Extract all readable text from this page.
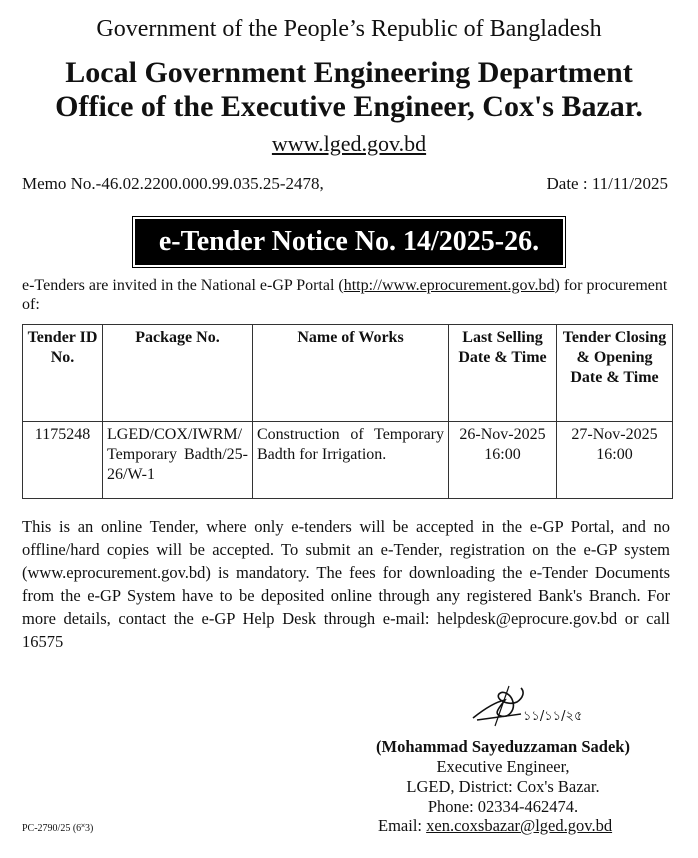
Government of the People’s Republic of Bangladesh
Local Government Engineering Department
Office of the Executive Engineer, Cox's Bazar.
www.lged.gov.bd
Memo No.-46.02.2200.000.99.035.25-2478,	Date : 11/11/2025
e-Tender Notice No. 14/2025-26.
e-Tenders are invited in the National e-GP Portal (http://www.eprocurement.gov.bd) for procurement of:
Tender ID No.	Package No.	Name of Works	Last Selling Date & Time	Tender Closing & Opening Date & Time
1175248	LGED/COX/IWRM/Temporary Badth/25-26/W-1	Construction of Temporary Badth for Irrigation.	26-Nov-2025 16:00	27-Nov-2025 16:00
This is an online Tender, where only e-tenders will be accepted in the e-GP Portal, and no offline/hard copies will be accepted. To submit an e-Tender, registration on the e-GP system (www.eprocurement.gov.bd) is mandatory. The fees for downloading the e-Tender Documents from the e-GP System have to be deposited online through any registered Bank's Branch. For more details, contact the e-GP Help Desk through e-mail: helpdesk@eprocure.gov.bd or call 16575
১১/১১/২৫
(Mohammad Sayeduzzaman Sadek)
Executive Engineer,
LGED, District: Cox's Bazar.
Phone: 02334-462474.
Email: xen.coxsbazar@lged.gov.bd
PC-2790/25 (6˟3)
